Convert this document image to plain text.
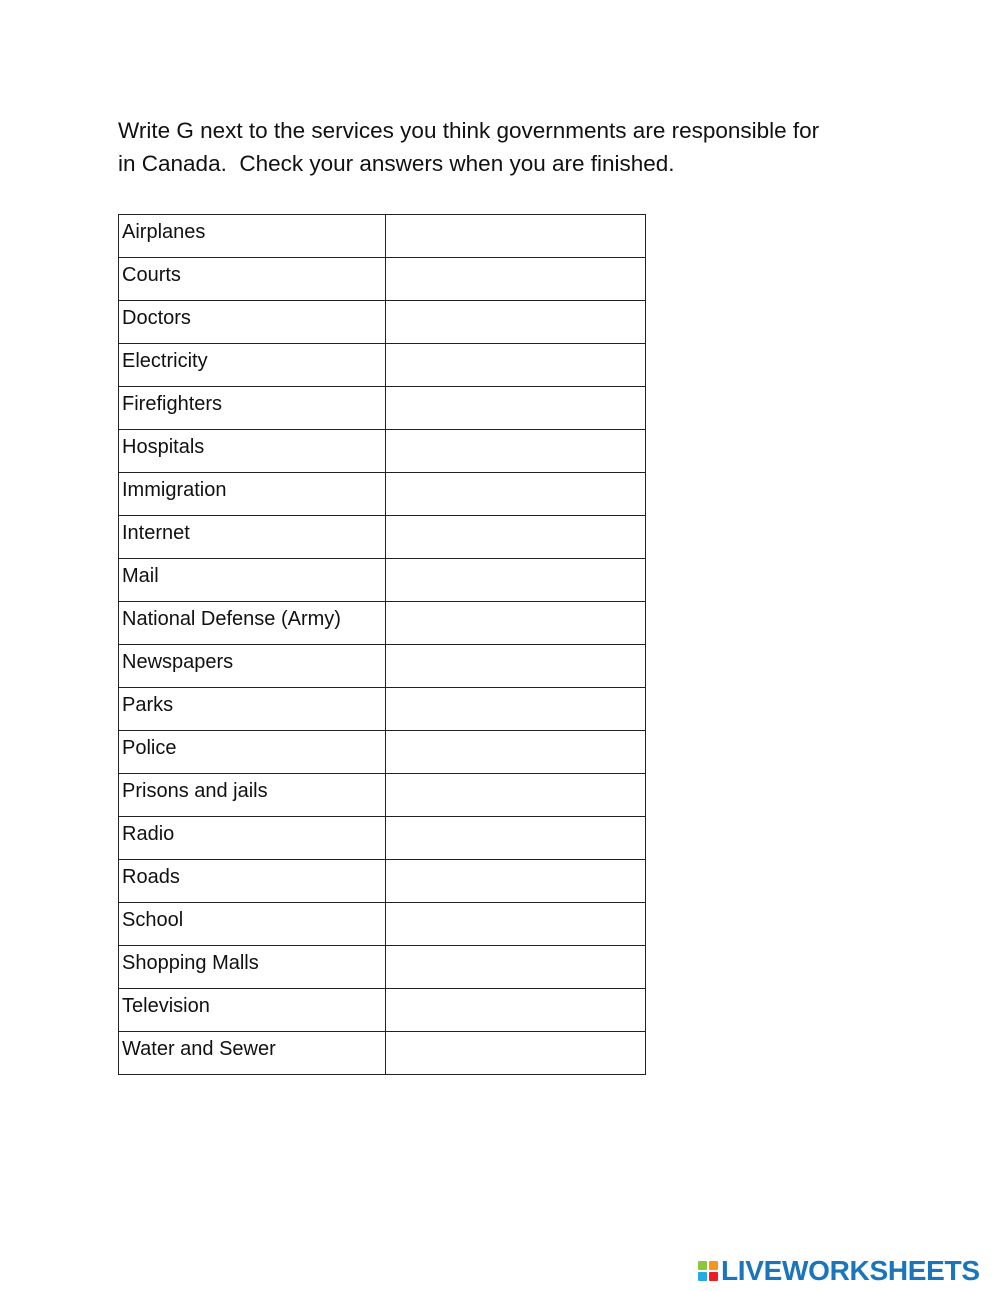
Write G next to the services you think governments are responsible for
in Canada.  Check your answers when you are finished.

Airplanes	
Courts	
Doctors	
Electricity	
Firefighters	
Hospitals	
Immigration	
Internet	
Mail	
National Defense (Army)	
Newspapers	
Parks	
Police	
Prisons and jails	
Radio	
Roads	
School	
Shopping Malls	
Television	
Water and Sewer	
LIVEWORKSHEETS
